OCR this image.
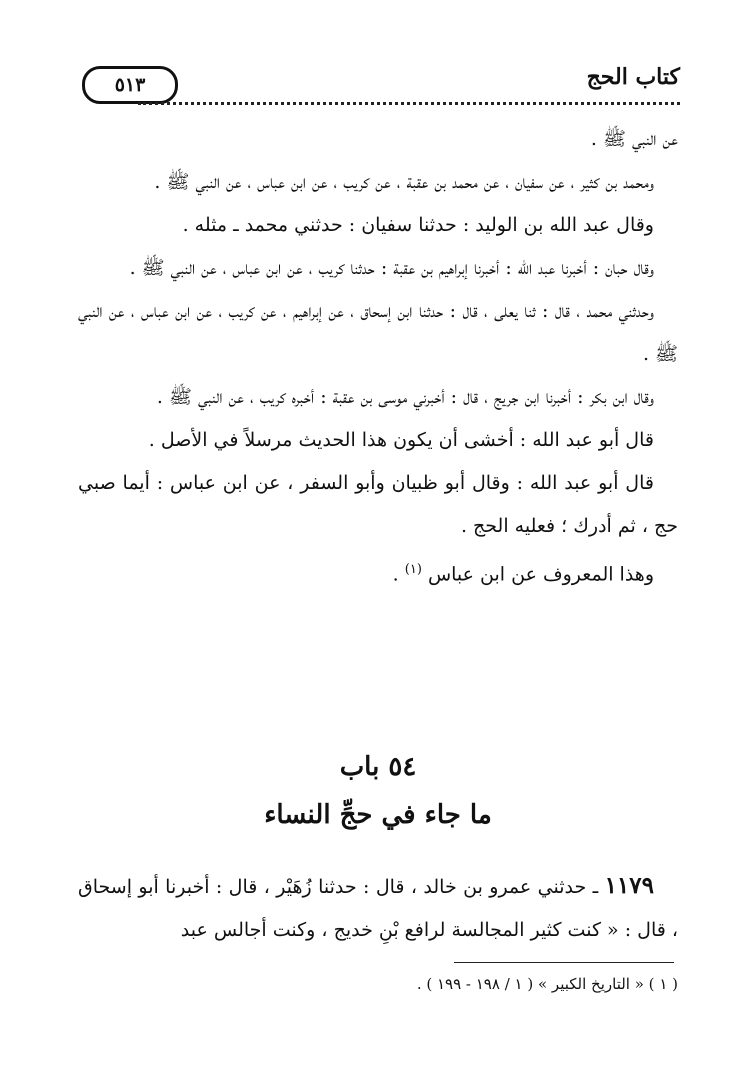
٥١٣	كتاب الحج

عن النبي ﷺ .

ومحمد بن كثير ، عن سفيان ، عن محمد بن عقبة ، عن كريب ، عن ابن عباس ، عن النبي ﷺ .

وقال عبد الله بن الوليد : حدثنا سفيان : حدثني محمد ـ مثله .

وقال حبان : أخبرنا عبد الله : أخبرنا إبراهيم بن عقبة : حدثنا كريب ، عن ابن عباس ، عن النبي ﷺ .

وحدثني محمد ، قال : ثنا يعلى ، قال : حدثنا ابن إسحاق ، عن إبراهيم ، عن كريب ، عن ابن عباس ، عن النبي ﷺ .

وقال ابن بكر : أخبرنا ابن جريج ، قال : أخبرني موسى بن عقبة : أخبره كريب ، عن النبي ﷺ .

قال أبو عبد الله : أخشى أن يكون هذا الحديث مرسلاً في الأصل .

قال أبو عبد الله : وقال أبو ظبيان وأبو السفر ، عن ابن عباس : أيما صبي حج ، ثم أدرك ؛ فعليه الحج .

وهذا المعروف عن ابن عباس $^{(١)}$ .

٥٤ باب
ما جاء في حجِّ النساء

١١٧٩ ـ حدثني عمرو بن خالد ، قال : حدثنا زُهَيْر ، قال : أخبرنا أبو إسحاق ، قال : « كنت كثير المجالسة لرافع بْنِ خديج ، وكنت أجالس عبد

( ١ ) « التاريخ الكبير » ( ١ / ١٩٨ - ١٩٩ ) .
